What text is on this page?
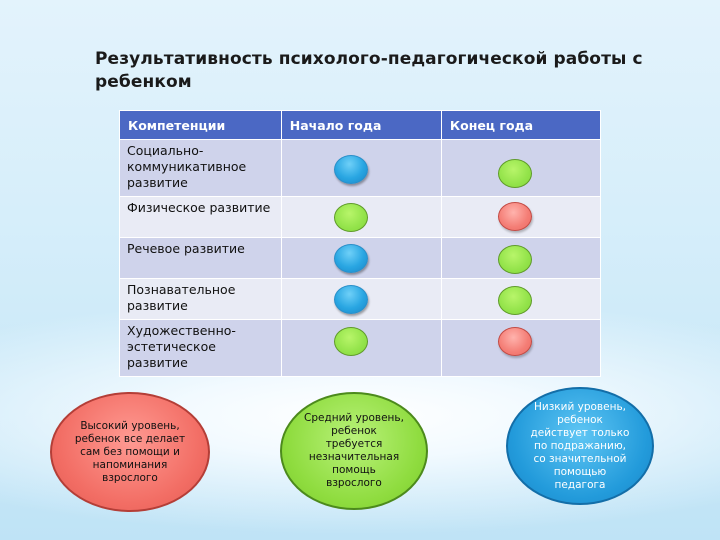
Результативность психолого-педагогической работы с ребенком
Компетенции	Начало года	Конец года
Социально-коммуникативное развитие	

Физическое развитие	

Речевое развитие	

Познавательное развитие	

Художественно-эстетическое развитие	

Высокий уровень, ребенок все делает сам без помощи и напоминания взрослого
Средний уровень, ребенок требуется незначительная помощь взрослого
Низкий уровень, ребенок действует только по подражанию, со значительной помощью педагога
